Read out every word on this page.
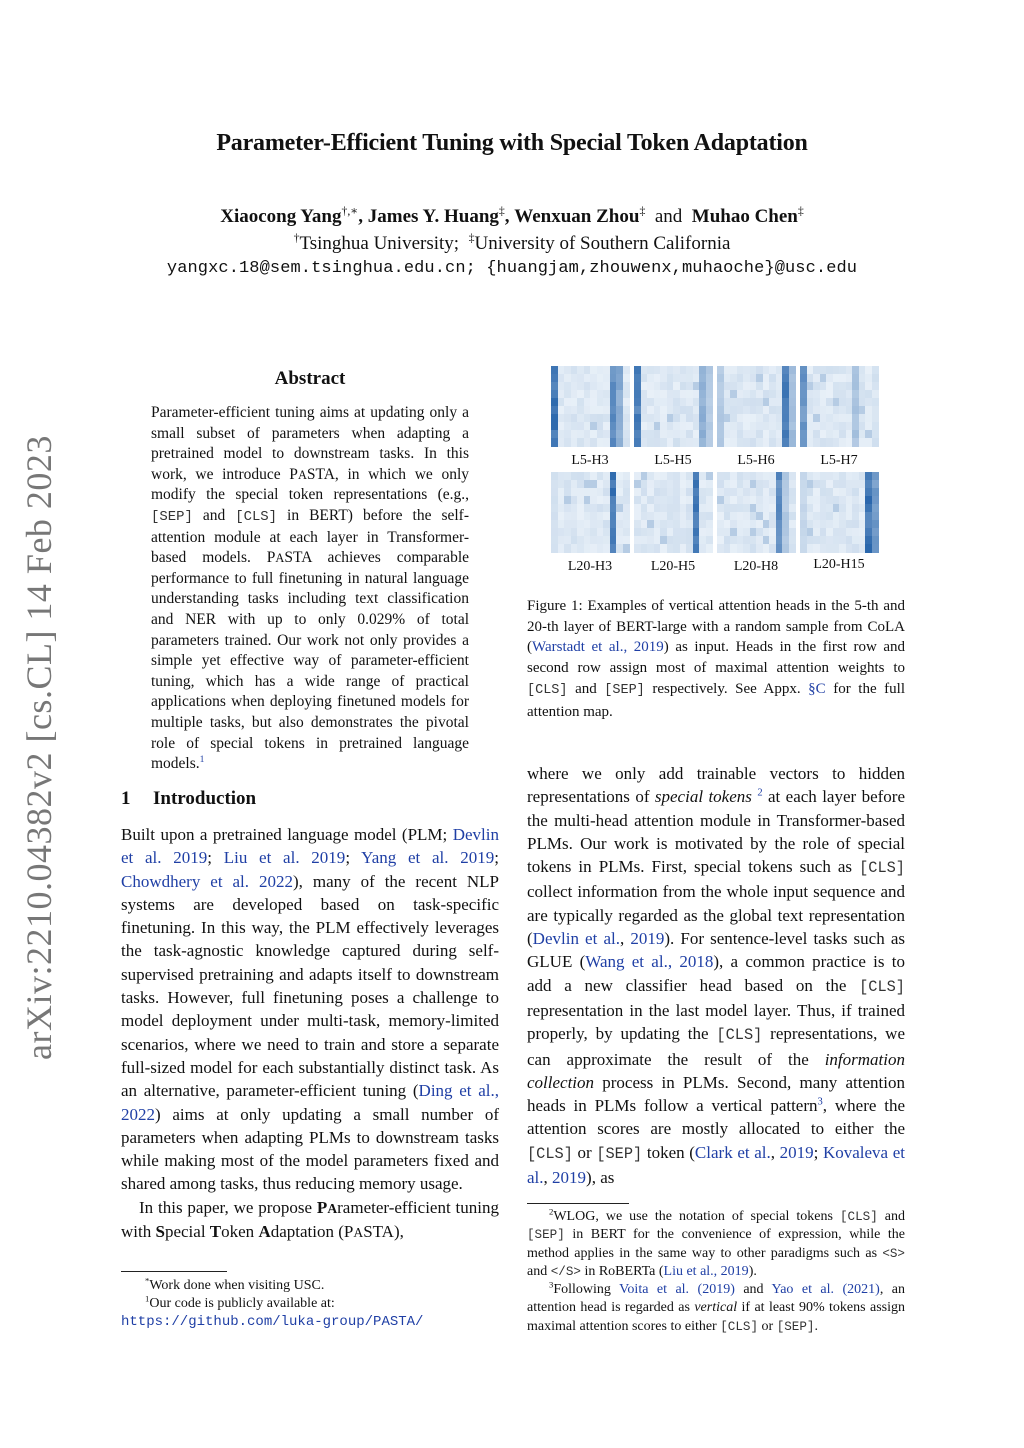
Parameter-Efficient Tuning with Special Token Adaptation
Xiaocong Yang†,∗, James Y. Huang‡, Wenxuan Zhou‡ and Muhao Chen‡
†Tsinghua University; ‡University of Southern California
yangxc.18@sem.tsinghua.edu.cn; {huangjam,zhouwenx,muhaoche}@usc.edu
arXiv:2210.04382v2 [cs.CL] 14 Feb 2023
Abstract
Parameter-efficient tuning aims at updating only a small subset of parameters when adapting a pretrained model to downstream tasks. In this work, we introduce PASTA, in which we only modify the special token representations (e.g., [SEP] and [CLS] in BERT) before the self-attention module at each layer in Transformer-based models. PASTA achieves comparable performance to full finetuning in natural language understanding tasks including text classification and NER with up to only 0.029% of total parameters trained. Our work not only provides a simple yet effective way of parameter-efficient tuning, which has a wide range of practical applications when deploying finetuned models for multiple tasks, but also demonstrates the pivotal role of special tokens in pretrained language models.$^1$
1 Introduction

Built upon a pretrained language model (PLM; Devlin et al. 2019; Liu et al. 2019; Yang et al. 2019; Chowdhery et al. 2022), many of the recent NLP systems are developed based on task-specific finetuning. In this way, the PLM effectively leverages the task-agnostic knowledge captured during self-supervised pretraining and adapts itself to downstream tasks. However, full finetuning poses a challenge to model deployment under multi-task, memory-limited scenarios, where we need to train and store a separate full-sized model for each substantially distinct task. As an alternative, parameter-efficient tuning (Ding et al., 2022) aims at only updating a small number of parameters when adapting PLMs to downstream tasks while making most of the model parameters fixed and shared among tasks, thus reducing memory usage.

In this paper, we propose PArameter-efficient tuning with Special Token Adaptation (PASTA),

*Work done when visiting USC.

$^1$Our code is publicly available at: https://github.com/luka-group/PASTA/

L5-H3	L5-H5	L5-H6	L5-H7
L20-H3	L20-H5	L20-H8	L20-H15
Figure 1: Examples of vertical attention heads in the 5-th and 20-th layer of BERT-large with a random sample from CoLA (Warstadt et al., 2019) as input. Heads in the first row and second row assign most of maximal attention weights to [CLS] and [SEP] respectively. See Appx. §C for the full attention map.
where we only add trainable vectors to hidden representations of special tokens $^2$ at each layer before the multi-head attention module in Transformer-based PLMs. Our work is motivated by the role of special tokens in PLMs. First, special tokens such as [CLS] collect information from the whole input sequence and are typically regarded as the global text representation (Devlin et al., 2019). For sentence-level tasks such as GLUE (Wang et al., 2018), a common practice is to add a new classifier head based on the [CLS] representation in the last model layer. Thus, if trained properly, by updating the [CLS] representations, we can approximate the result of the information collection process in PLMs. Second, many attention heads in PLMs follow a vertical pattern$^3$, where the attention scores are mostly allocated to either the [CLS] or [SEP] token (Clark et al., 2019; Kovaleva et al., 2019), as

$^2$WLOG, we use the notation of special tokens [CLS] and [SEP] in BERT for the convenience of expression, while the method applies in the same way to other paradigms such as <S> and </S> in RoBERTa (Liu et al., 2019).

$^3$Following Voita et al. (2019) and Yao et al. (2021), an attention head is regarded as vertical if at least 90% tokens assign maximal attention scores to either [CLS] or [SEP].
